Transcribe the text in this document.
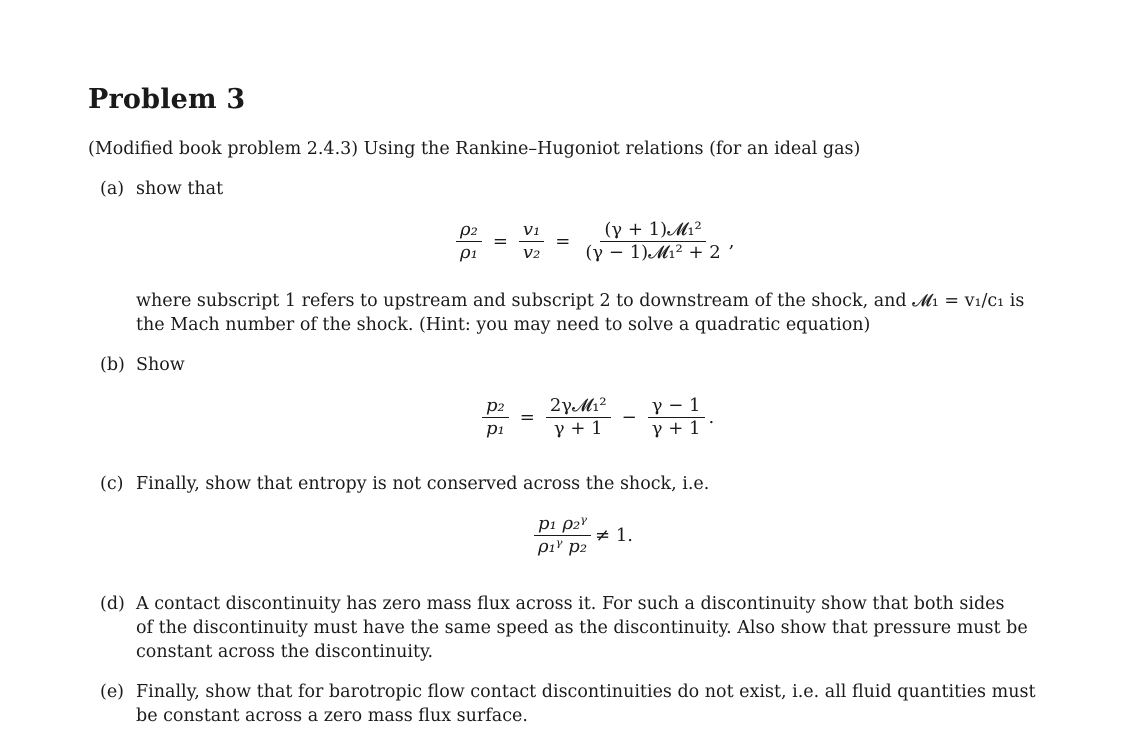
Problem 3
(Modified book problem 2.4.3) Using the Rankine–Hugoniot relations (for an ideal gas)
(a) show that
$\frac{\text{ρ₂}}{\text{ρ₁}} = \frac{\text{v₁}}{\text{v₂}} = \frac{\text{(γ + 1)𝓜₁²}}{\text{(γ − 1)𝓜₁² + 2}}$ ,
where subscript 1 refers to upstream and subscript 2 to downstream of the shock, and 𝓜₁ = v₁/c₁ is
the Mach number of the shock. (Hint: you may need to solve a quadratic equation)
(b) Show
$\frac{\text{p₂}}{\text{p₁}} = \frac{\text{2γ𝓜₁²}}{\gamma + 1} - \frac{\gamma - 1}{\gamma + 1}$ .
(c) Finally, show that entropy is not conserved across the shock, i.e.
$\frac{\text{p₁ ρ₂ᵞ}}{\text{ρ₁ᵞ p₂}} \ne 1$.
(d) A contact discontinuity has zero mass flux across it. For such a discontinuity show that both sides
of the discontinuity must have the same speed as the discontinuity. Also show that pressure must be
constant across the discontinuity.
(e) Finally, show that for barotropic flow contact discontinuities do not exist, i.e. all fluid quantities must
be constant across a zero mass flux surface.
